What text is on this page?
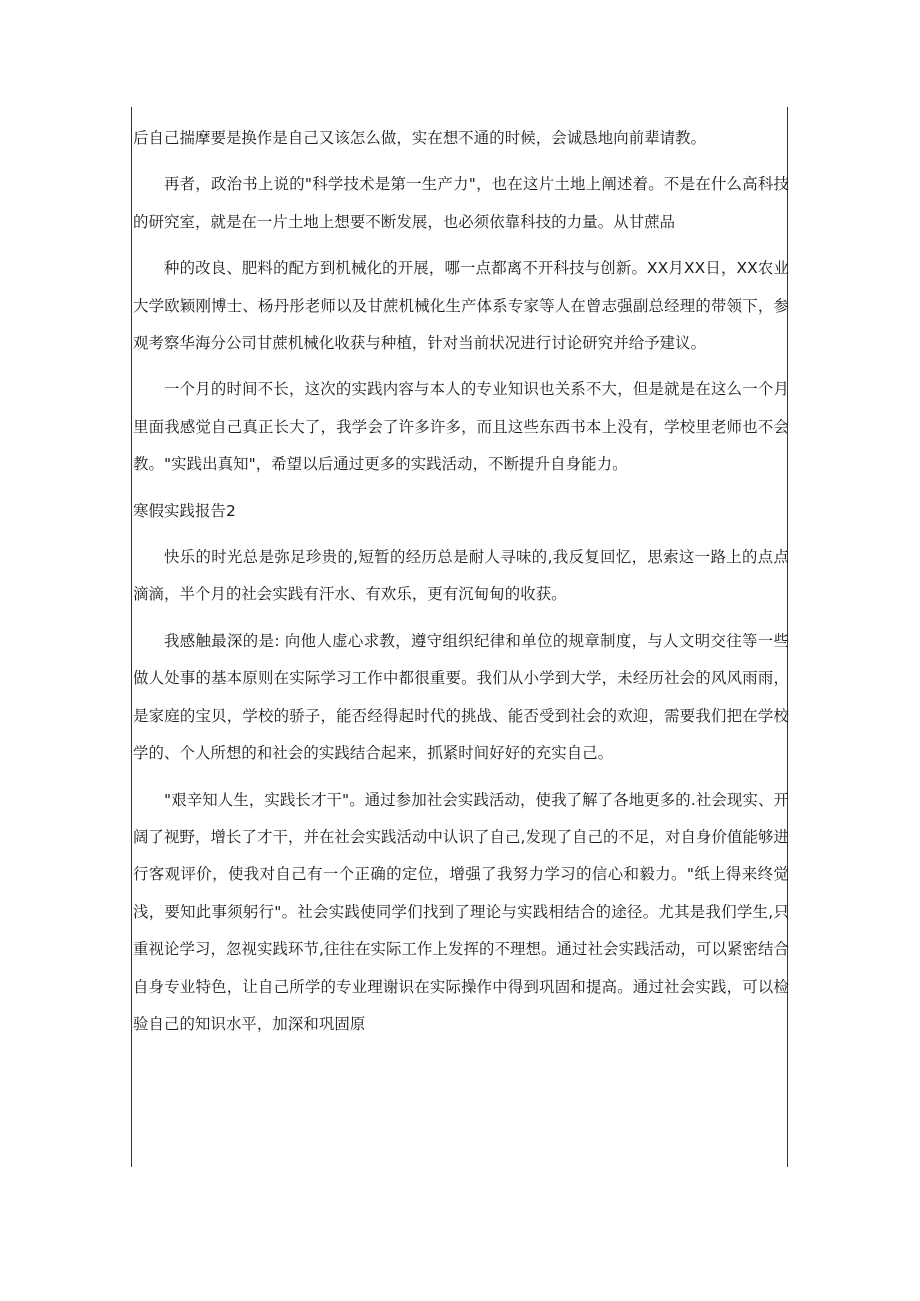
后自己揣摩要是换作是自己又该怎么做，实在想不通的时候，会诚恳地向前辈请教。

再者，政治书上说的"科学技术是第一生产力"，也在这片土地上阐述着。不是在什么高科技的研究室，就是在一片土地上想要不断发展，也必须依靠科技的力量。从甘蔗品

种的改良、肥料的配方到机械化的开展，哪一点都离不开科技与创新。XX月XX日，XX农业大学欧颖刚博士、杨丹彤老师以及甘蔗机械化生产体系专家等人在曾志强副总经理的带领下，参观考察华海分公司甘蔗机械化收获与种植，针对当前状况进行讨论研究并给予建议。

一个月的时间不长，这次的实践内容与本人的专业知识也关系不大，但是就是在这么一个月里面我感觉自己真正长大了，我学会了许多许多，而且这些东西书本上没有，学校里老师也不会教。"实践出真知"，希望以后通过更多的实践活动，不断提升自身能力。

寒假实践报告2

快乐的时光总是弥足珍贵的,短暂的经历总是耐人寻味的,我反复回忆，思索这一路上的点点滴滴，半个月的社会实践有汗水、有欢乐，更有沉甸甸的收获。

我感触最深的是: 向他人虚心求教，遵守组织纪律和单位的规章制度，与人文明交往等一些做人处事的基本原则在实际学习工作中都很重要。我们从小学到大学，未经历社会的风风雨雨，是家庭的宝贝，学校的骄子，能否经得起时代的挑战、能否受到社会的欢迎，需要我们把在学校学的、个人所想的和社会的实践结合起来，抓紧时间好好的充实自己。

"艰辛知人生，实践长才干"。通过参加社会实践活动，使我了解了各地更多的.社会现实、开阔了视野，增长了才干，并在社会实践活动中认识了自己,发现了自己的不足，对自身价值能够进行客观评价，使我对自己有一个正确的定位，增强了我努力学习的信心和毅力。"纸上得来终觉浅，要知此事须躬行"。社会实践使同学们找到了理论与实践相结合的途径。尤其是我们学生,只重视论学习，忽视实践环节,往往在实际工作上发挥的不理想。通过社会实践活动，可以紧密结合自身专业特色，让自己所学的专业理谢识在实际操作中得到巩固和提高。通过社会实践，可以检验自己的知识水平，加深和巩固原
